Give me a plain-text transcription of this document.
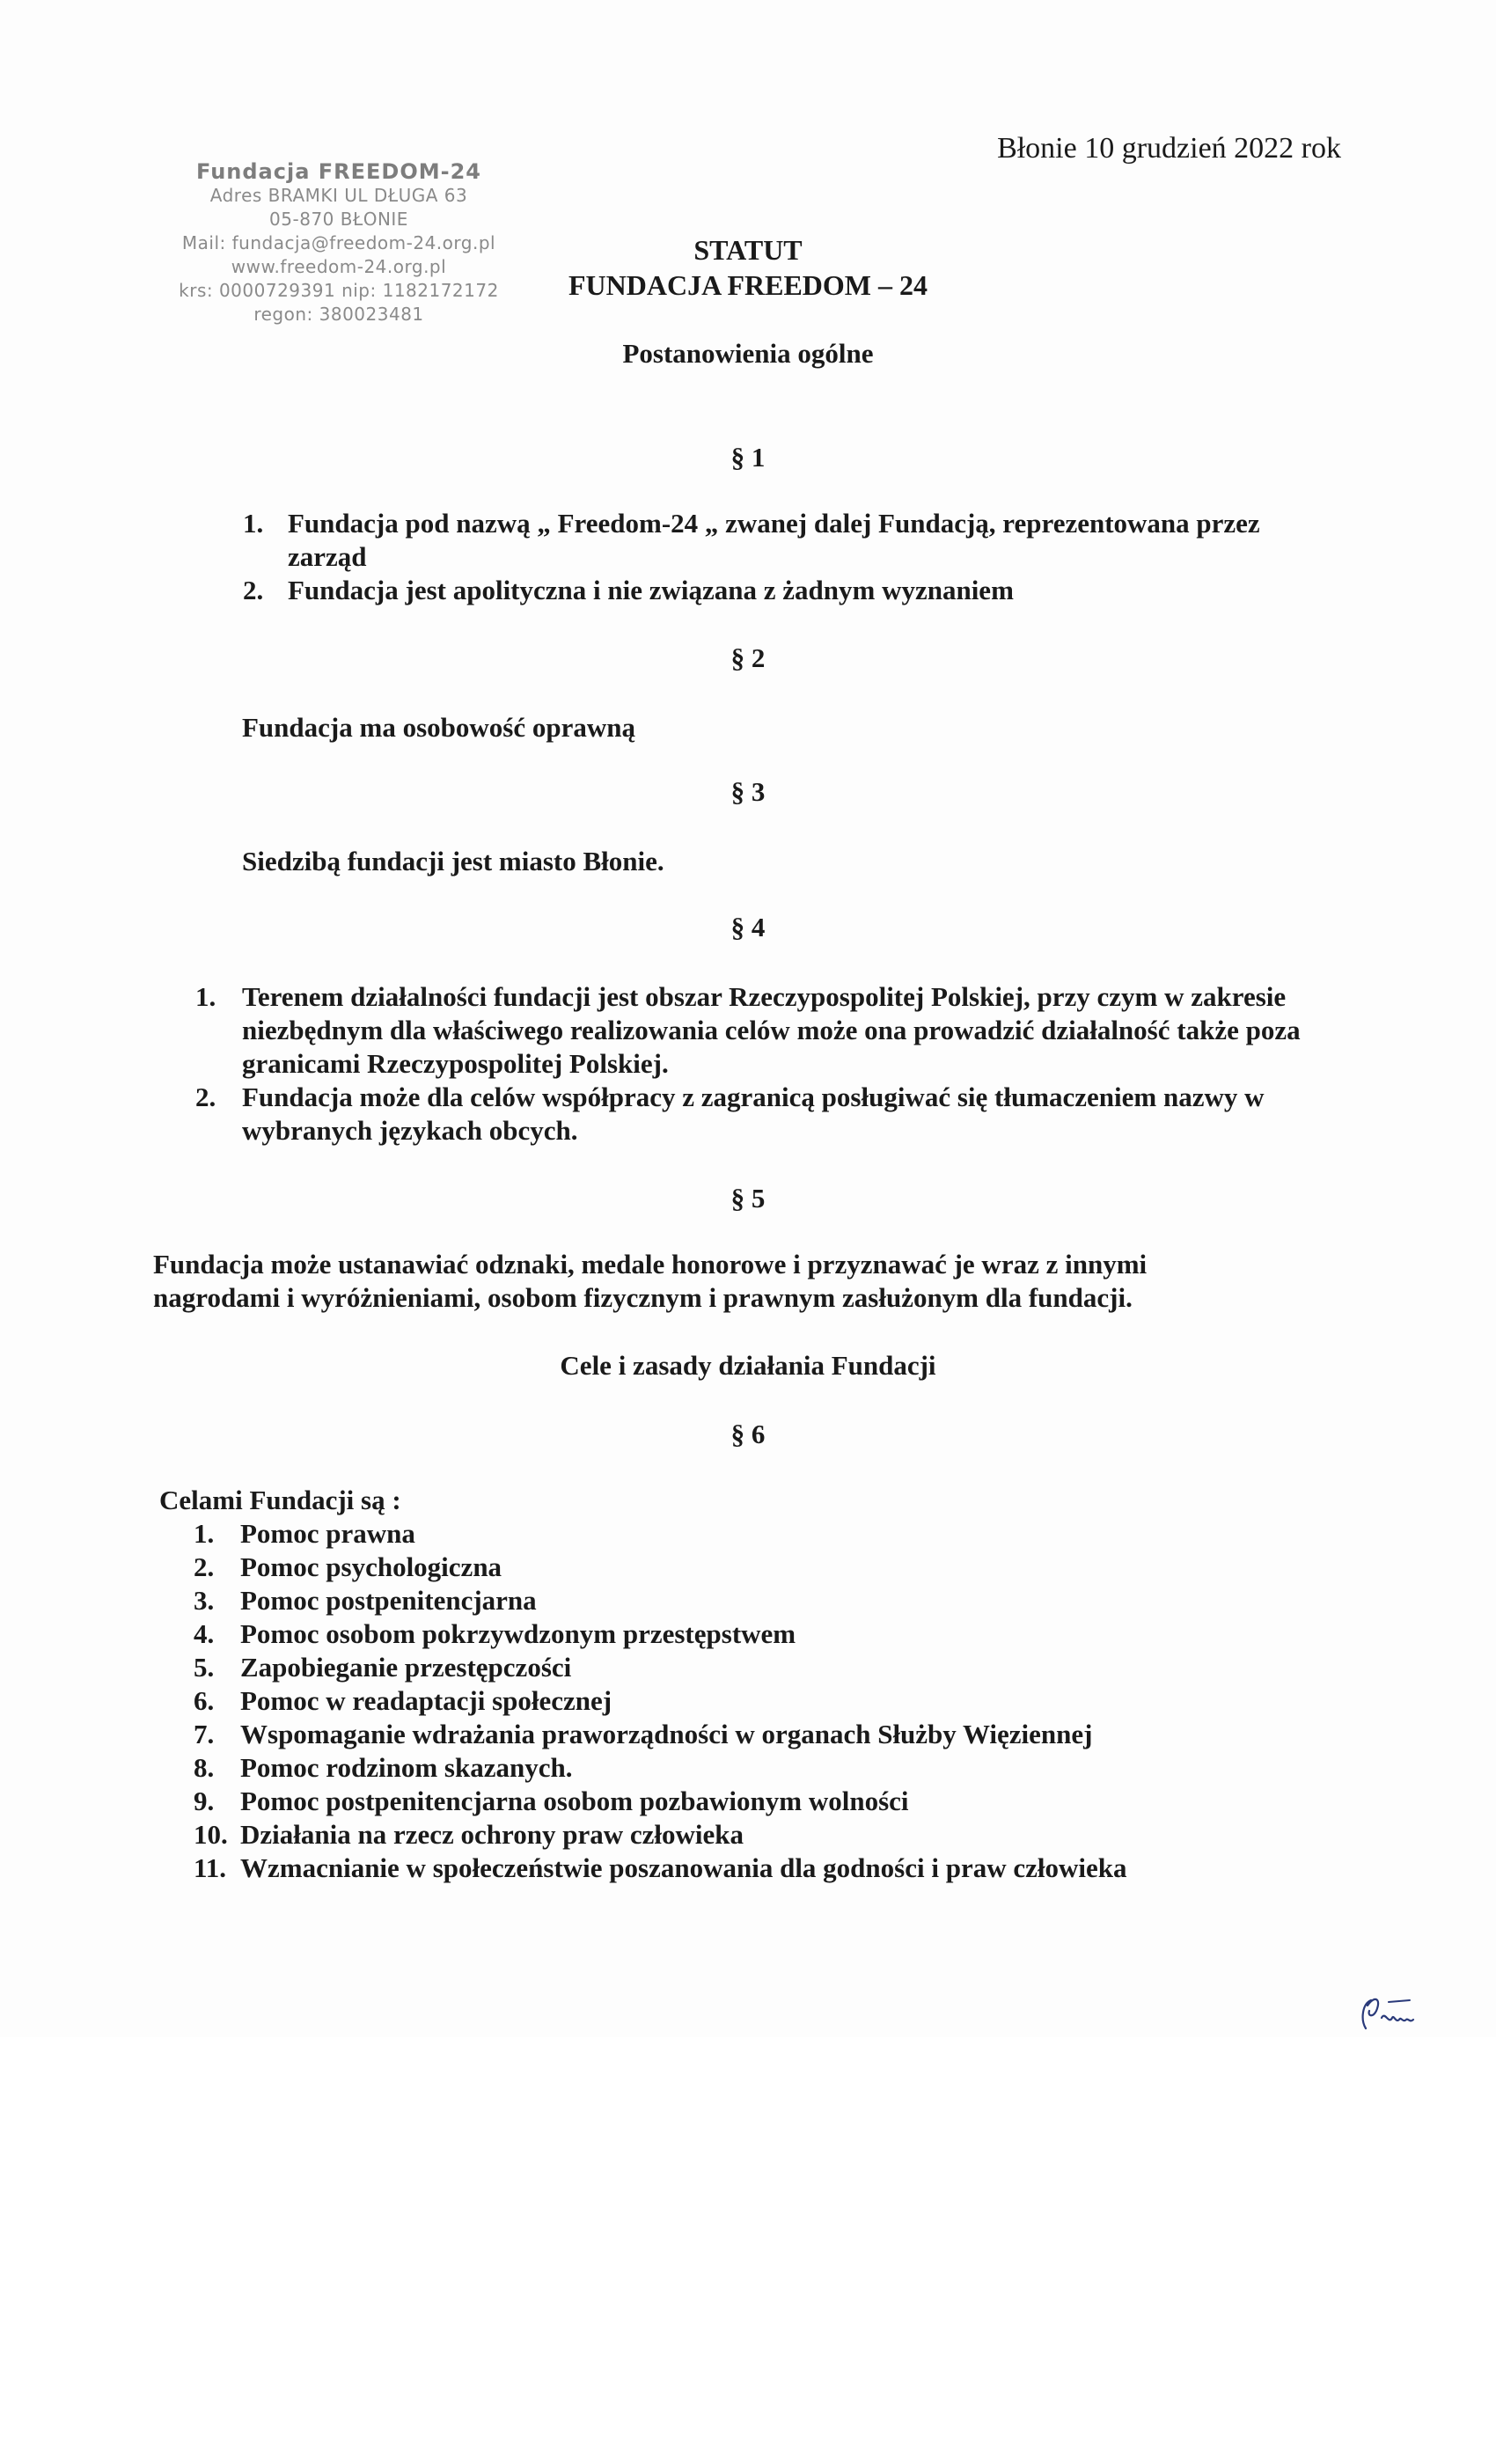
Fundacja FREEDOM-24
Adres BRAMKI UL DŁUGA 63
05-870 BŁONIE
Mail: fundacja@freedom-24.org.pl
www.freedom-24.org.pl
krs: 0000729391 nip: 1182172172
regon: 380023481
Błonie 10 grudzień 2022 rok
STATUT
FUNDACJA FREEDOM – 24
Postanowienia ogólne
§ 1
1. Fundacja pod nazwą „ Freedom-24 „ zwanej dalej Fundacją, reprezentowana przez zarząd
2. Fundacja jest apolityczna i nie związana z żadnym wyznaniem
§ 2
Fundacja ma osobowość oprawną
§ 3
Siedzibą fundacji jest miasto Błonie.
§ 4
1. Terenem działalności fundacji jest obszar Rzeczypospolitej Polskiej, przy czym w zakresie niezbędnym dla właściwego realizowania celów może ona prowadzić działalność także poza granicami Rzeczypospolitej Polskiej.
2. Fundacja może dla celów współpracy z zagranicą posługiwać się tłumaczeniem nazwy w wybranych językach obcych.
§ 5
Fundacja może ustanawiać odznaki, medale honorowe i przyznawać je wraz z innymi nagrodami i wyróżnieniami, osobom fizycznym i prawnym zasłużonym dla fundacji.
Cele i zasady działania Fundacji
§ 6
Celami Fundacji są :
1. Pomoc prawna
2. Pomoc psychologiczna
3. Pomoc postpenitencjarna
4. Pomoc osobom pokrzywdzonym przestępstwem
5. Zapobieganie przestępczości
6. Pomoc w readaptacji społecznej
7. Wspomaganie wdrażania praworządności w organach Służby Więziennej
8. Pomoc rodzinom skazanych.
9. Pomoc postpenitencjarna osobom pozbawionym wolności
10. Działania na rzecz ochrony praw człowieka
11. Wzmacnianie w społeczeństwie poszanowania dla godności i praw człowieka
